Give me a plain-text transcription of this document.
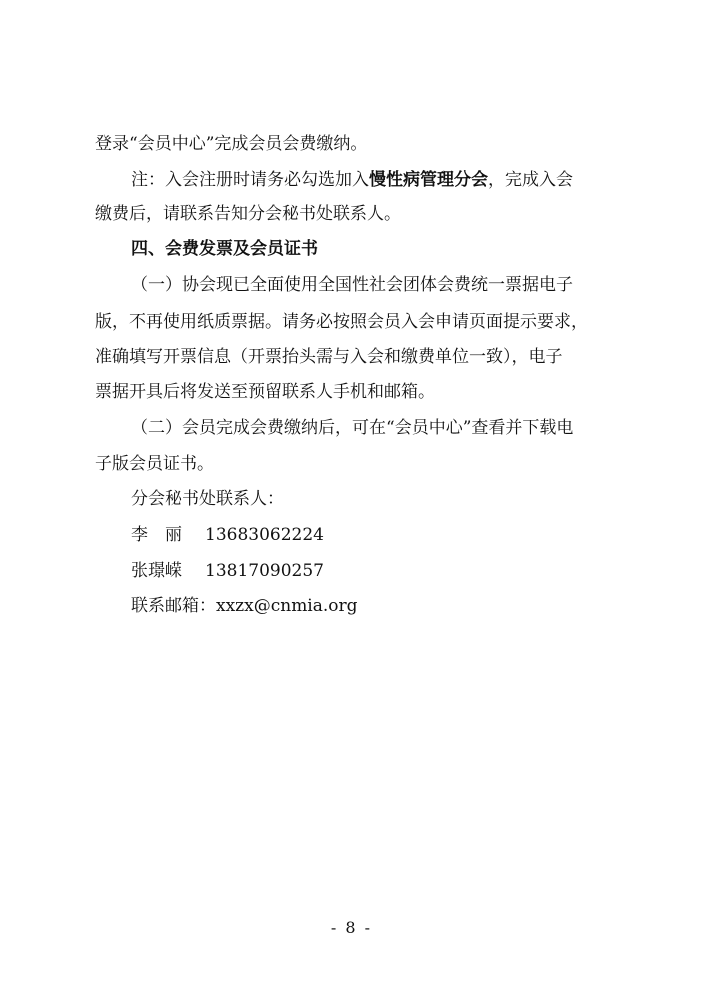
登录“会员中心”完成会员会费缴纳。
注：入会注册时请务必勾选加入慢性病管理分会，完成入会
缴费后，请联系告知分会秘书处联系人。
四、会费发票及会员证书
（一）协会现已全面使用全国性社会团体会费统一票据电子
版，不再使用纸质票据。请务必按照会员入会申请页面提示要求，
准确填写开票信息（开票抬头需与入会和缴费单位一致），电子
票据开具后将发送至预留联系人手机和邮箱。
（二）会员完成会费缴纳后，可在“会员中心”查看并下载电
子版会员证书。
分会秘书处联系人：
李　丽 13683062224
张璟嵘 13817090257
联系邮箱：xxzx@cnmia.org
- 8 -
